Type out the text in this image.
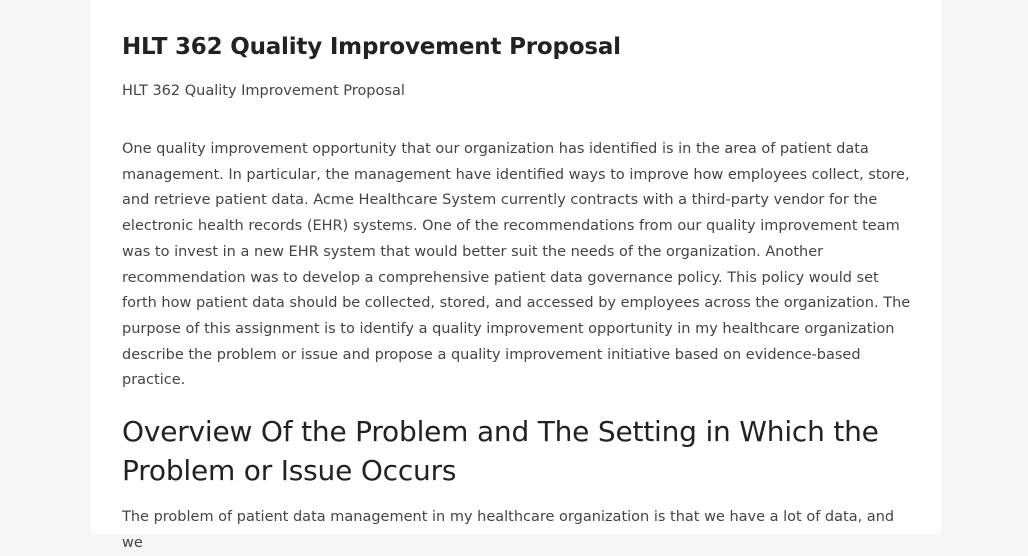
HLT 362 Quality Improvement Proposal

HLT 362 Quality Improvement Proposal

One quality improvement opportunity that our organization has identified is in the area of patient data management. In particular, the management have identified ways to improve how employees collect, store, and retrieve patient data. Acme Healthcare System currently contracts with a third-party vendor for the electronic health records (EHR) systems. One of the recommendations from our quality improvement team was to invest in a new EHR system that would better suit the needs of the organization. Another recommendation was to develop a comprehensive patient data governance policy. This policy would set forth how patient data should be collected, stored, and accessed by employees across the organization. The purpose of this assignment is to identify a quality improvement opportunity in my healthcare organization describe the problem or issue and propose a quality improvement initiative based on evidence-based practice.

Overview Of the Problem and The Setting in Which the Problem or Issue Occurs

The problem of patient data management in my healthcare organization is that we have a lot of data, and we
